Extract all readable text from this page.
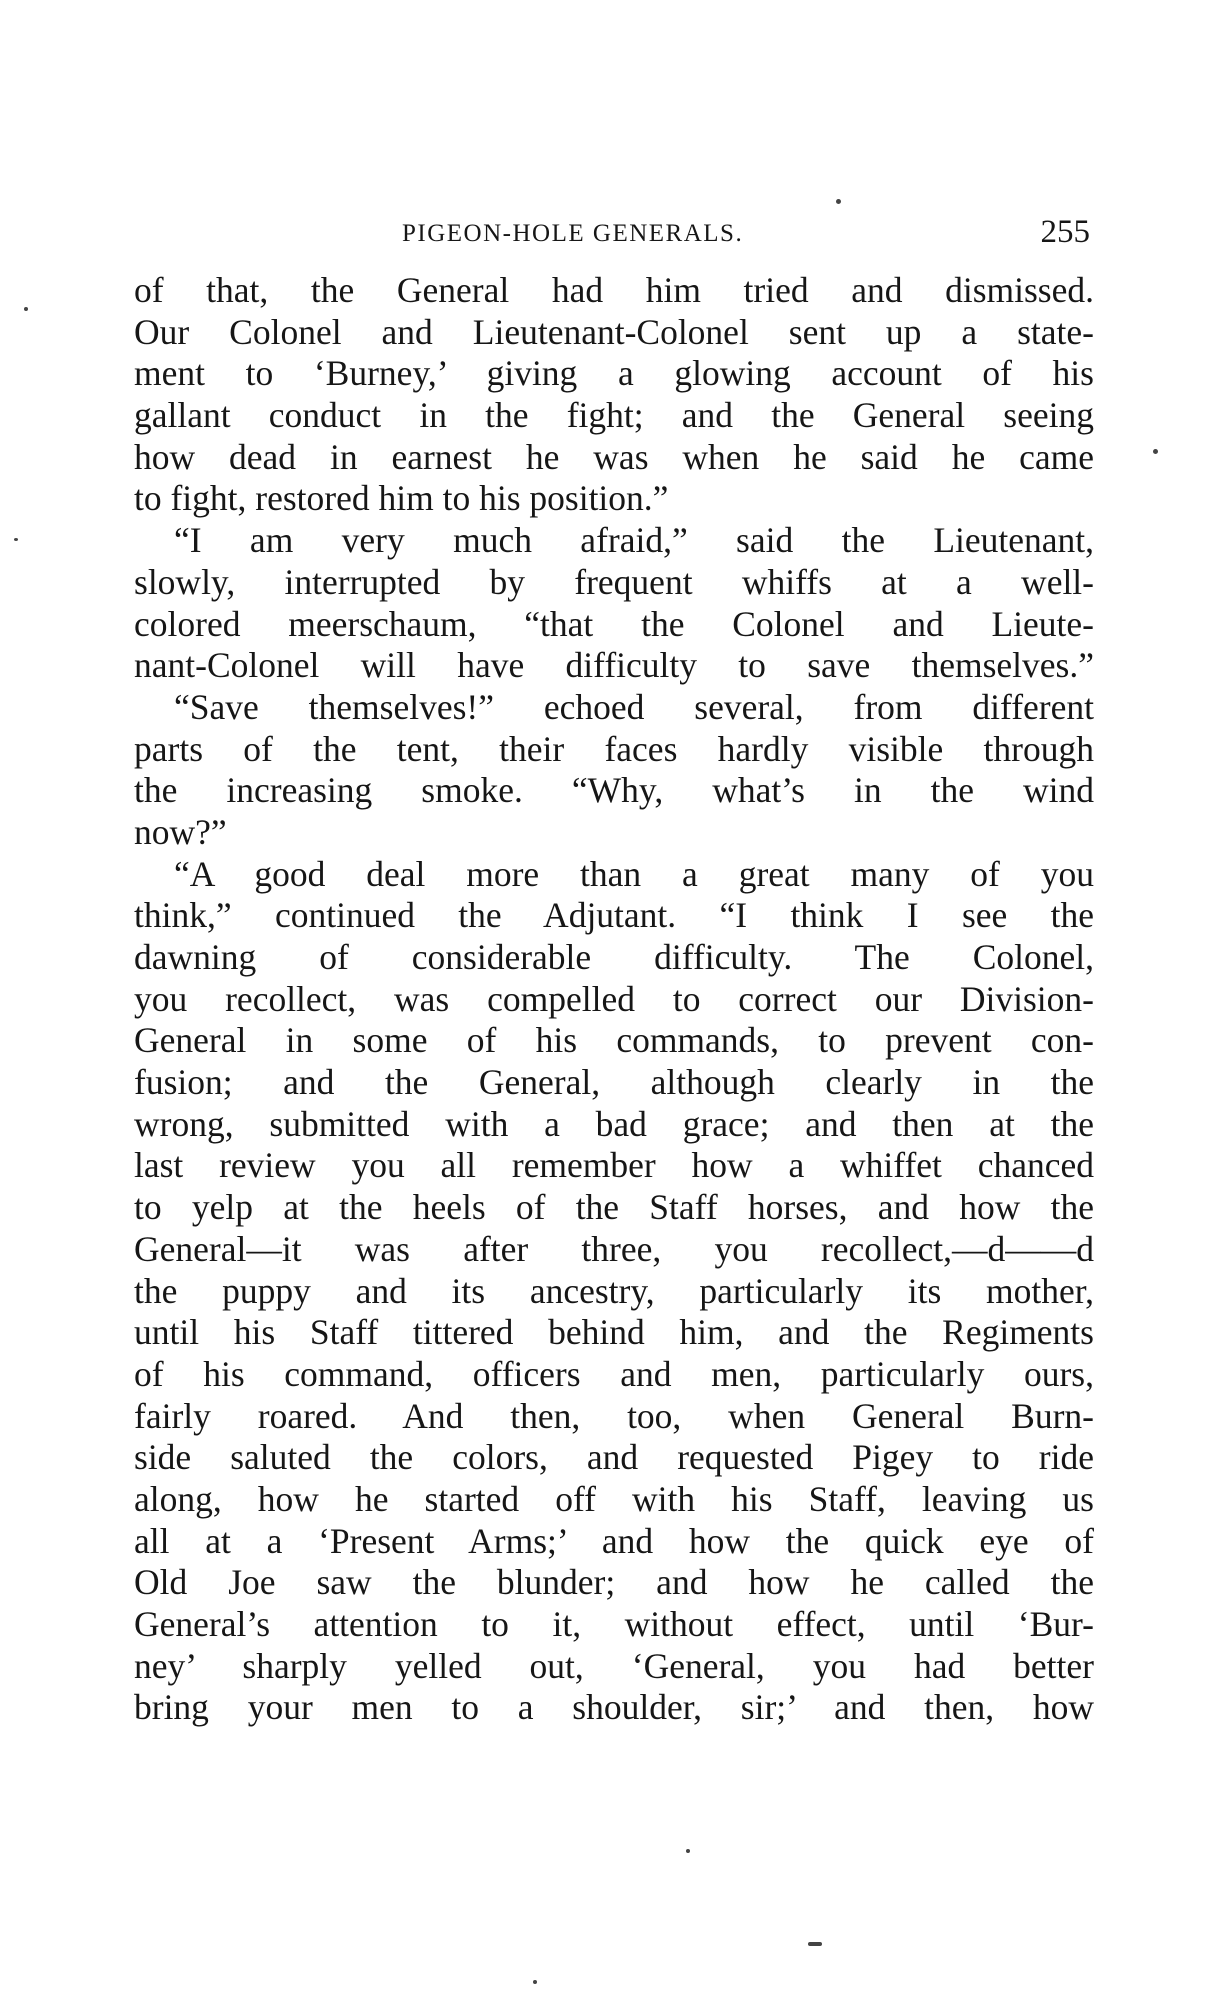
PIGEON-HOLE GENERALS.	255
of that, the General had him tried and dismissed.
Our Colonel and Lieutenant-Colonel sent up a state-
ment to ‘Burney,’ giving a glowing account of his
gallant conduct in the fight; and the General seeing
how dead in earnest he was when he said he came
to fight, restored him to his position.”
“I am very much afraid,” said the Lieutenant,
slowly, interrupted by frequent whiffs at a well-
colored meerschaum, “that the Colonel and Lieute-
nant-Colonel will have difficulty to save themselves.”
“Save themselves!” echoed several, from different
parts of the tent, their faces hardly visible through
the increasing smoke. “Why, what’s in the wind
now?”
“A good deal more than a great many of you
think,” continued the Adjutant. “I think I see the
dawning of considerable difficulty. The Colonel,
you recollect, was compelled to correct our Division-
General in some of his commands, to prevent con-
fusion; and the General, although clearly in the
wrong, submitted with a bad grace; and then at the
last review you all remember how a whiffet chanced
to yelp at the heels of the Staff horses, and how the
General—it was after three, you recollect,—d——d
the puppy and its ancestry, particularly its mother,
until his Staff tittered behind him, and the Regiments
of his command, officers and men, particularly ours,
fairly roared. And then, too, when General Burn-
side saluted the colors, and requested Pigey to ride
along, how he started off with his Staff, leaving us
all at a ‘Present Arms;’ and how the quick eye of
Old Joe saw the blunder; and how he called the
General’s attention to it, without effect, until ‘Bur-
ney’ sharply yelled out, ‘General, you had better
bring your men to a shoulder, sir;’ and then, how
